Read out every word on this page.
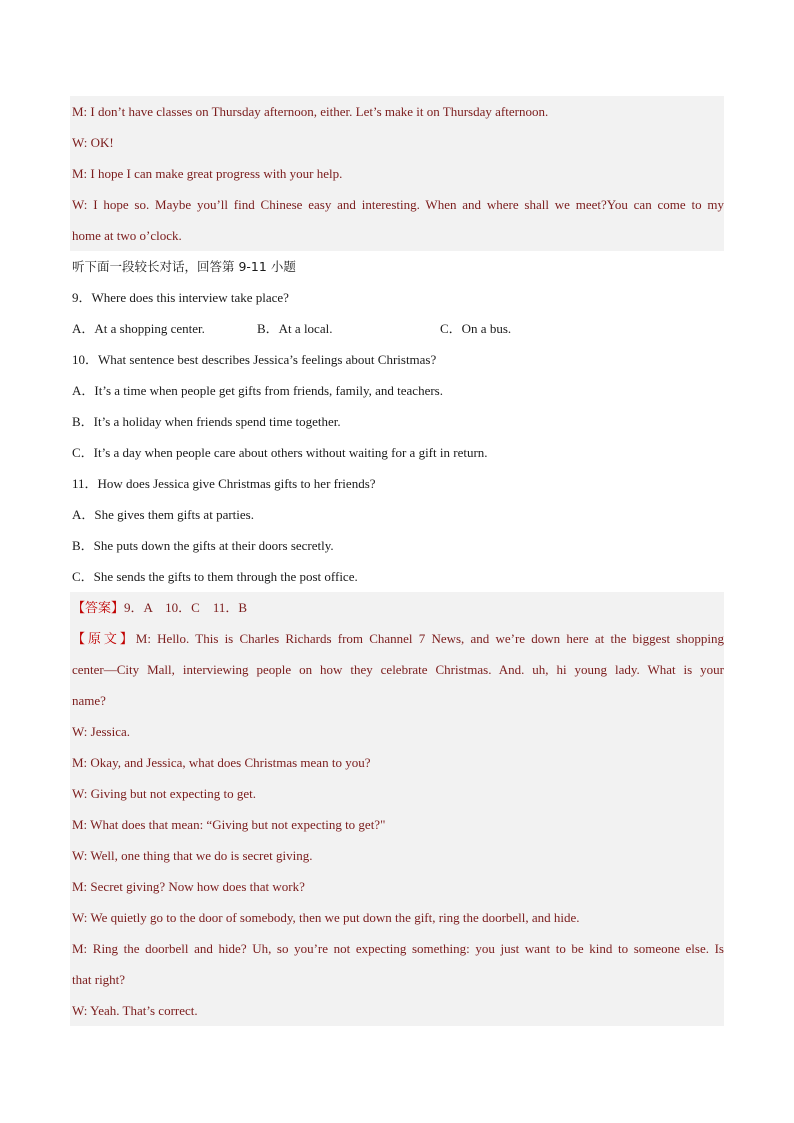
M: I don’t have classes on Thursday afternoon, either. Let’s make it on Thursday afternoon.
W: OK!
M: I hope I can make great progress with your help.
W: I hope so. Maybe you’ll find Chinese easy and interesting. When and where shall we meet?You can come to my
home at two o’clock.
听下面一段较长对话，回答第 9-11 小题
9．Where does this interview take place?
A．At a shopping center.	B．At a local.	C．On a bus.
10．What sentence best describes Jessica’s feelings about Christmas?
A．It’s a time when people get gifts from friends, family, and teachers.
B．It’s a holiday when friends spend time together.
C．It’s a day when people care about others without waiting for a gift in return.
11．How does Jessica give Christmas gifts to her friends?
A．She gives them gifts at parties.
B．She puts down the gifts at their doors secretly.
C．She sends the gifts to them through the post office.
【答案】9．A　10．C　11．B
【原文】M: Hello. This is Charles Richards from Channel 7 News, and we’re down here at the biggest shopping
center—City Mall, interviewing people on how they celebrate Christmas. And. uh, hi young lady. What is your
name?
W: Jessica.
M: Okay, and Jessica, what does Christmas mean to you?
W: Giving but not expecting to get.
M: What does that mean: “Giving but not expecting to get?"
W: Well, one thing that we do is secret giving.
M: Secret giving? Now how does that work?
W: We quietly go to the door of somebody, then we put down the gift, ring the doorbell, and hide.
M: Ring the doorbell and hide? Uh, so you’re not expecting something: you just want to be kind to someone else. Is
that right?
W: Yeah. That’s correct.
